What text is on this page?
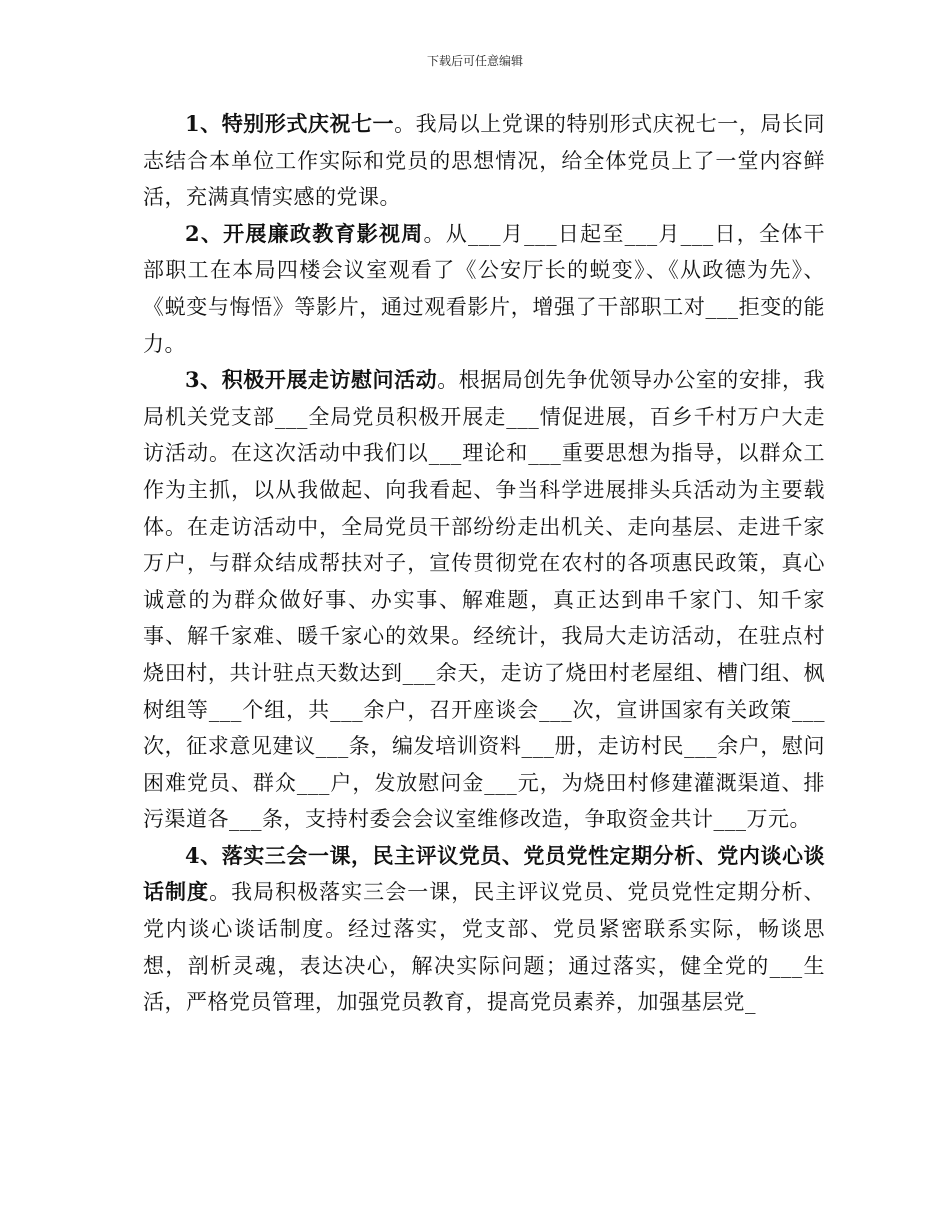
下载后可任意编辑

1、特别形式庆祝七一。我局以上党课的特别形式庆祝七一，局长同志结合本单位工作实际和党员的思想情况，给全体党员上了一堂内容鲜活，充满真情实感的党课。

2、开展廉政教育影视周。从___月___日起至___月___日，全体干部职工在本局四楼会议室观看了《公安厅长的蜕变》、《从政德为先》、《蜕变与悔悟》等影片，通过观看影片，增强了干部职工对___拒变的能力。

3、积极开展走访慰问活动。根据局创先争优领导办公室的安排，我局机关党支部___全局党员积极开展走___情促进展，百乡千村万户大走访活动。在这次活动中我们以___理论和___重要思想为指导，以群众工作为主抓，以从我做起、向我看起、争当科学进展排头兵活动为主要载体。在走访活动中，全局党员干部纷纷走出机关、走向基层、走进千家万户，与群众结成帮扶对子，宣传贯彻党在农村的各项惠民政策，真心诚意的为群众做好事、办实事、解难题，真正达到串千家门、知千家事、解千家难、暖千家心的效果。经统计，我局大走访活动，在驻点村烧田村，共计驻点天数达到___余天，走访了烧田村老屋组、槽门组、枫树组等___个组，共___余户，召开座谈会___次，宣讲国家有关政策___次，征求意见建议___条，编发培训资料___册，走访村民___余户，慰问困难党员、群众___户，发放慰问金___元，为烧田村修建灌溉渠道、排污渠道各___条，支持村委会会议室维修改造，争取资金共计___万元。

4、落实三会一课，民主评议党员、党员党性定期分析、党内谈心谈话制度。我局积极落实三会一课，民主评议党员、党员党性定期分析、党内谈心谈话制度。经过落实，党支部、党员紧密联系实际，畅谈思想，剖析灵魂，表达决心，解决实际问题；通过落实，健全党的___生活，严格党员管理，加强党员教育，提高党员素养，加强基层党_
